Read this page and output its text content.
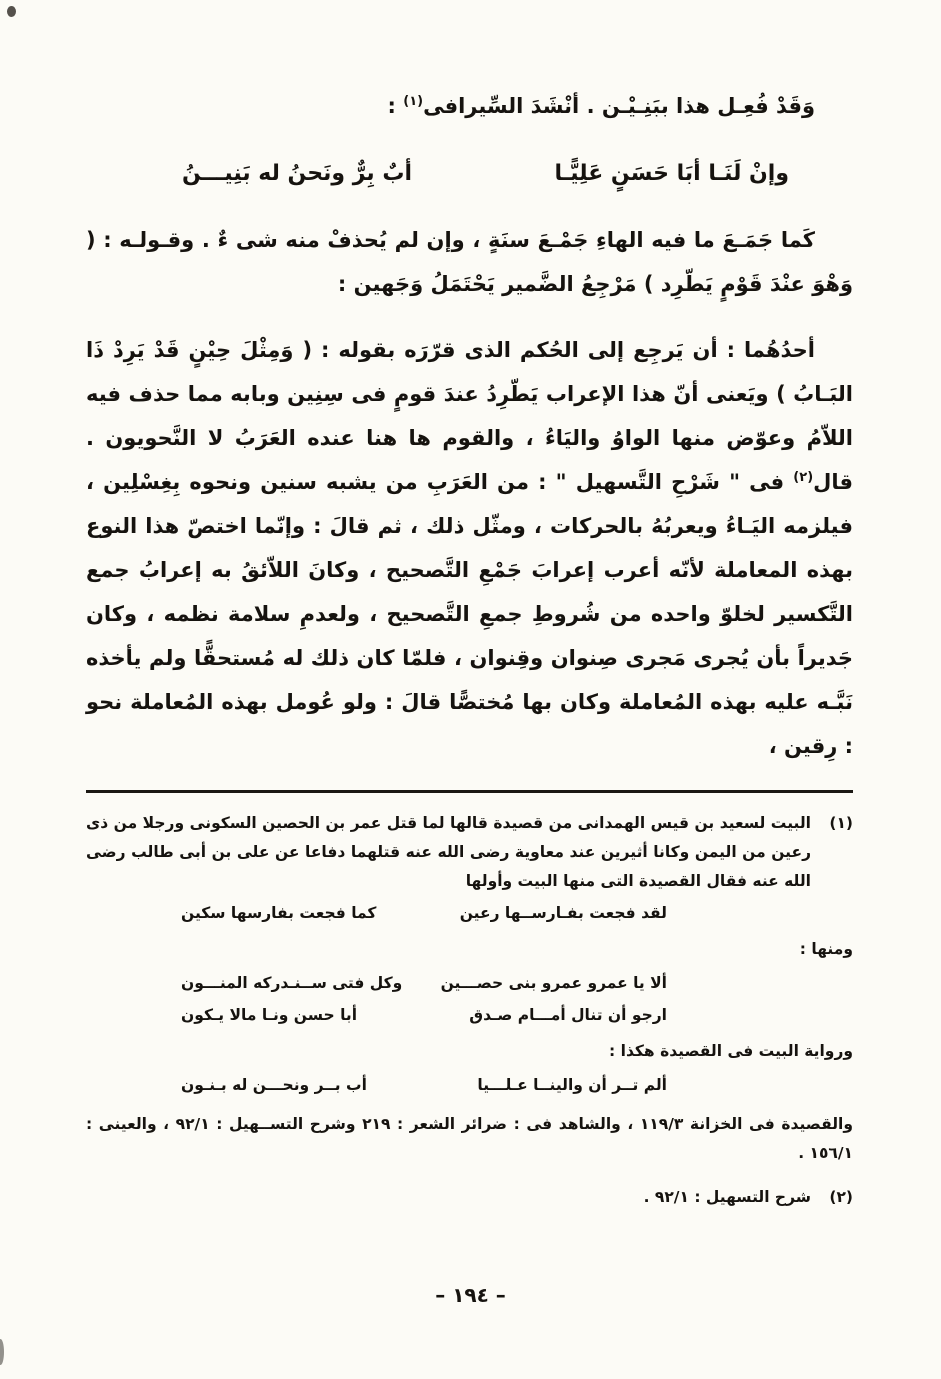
وَقَدْ فُعِـل هذا ببَنِـيْـن . أنْشَدَ السِّيرافى$^{(١)}$ :

وإنْ لَنَـا أبَا حَسَنٍ عَلِيًّـا
أبٌ بِرٌّ ونَحنُ له بَنِيـــنُ

كَما جَمَـعَ ما فيه الهاءِ جَمْـعَ سنَةٍ ، وإن لم يُحذفْ منه شى ءٌ . وقـولـه : ( وَهْوَ عنْدَ قَوْمٍ يَطّرِد ) مَرْجِعُ الضَّمير يَحْتَمَلُ وَجَهين :

أحدُهُما : أن يَرجِع إلى الحُكم الذى قرّرَه بقوله : ( وَمِثْلَ حِيْنٍ قَدْ يَرِدْ ذَا البَـابُ ) ويَعنى أنّ هذا الإعراب يَطّرِدُ عندَ قومٍ فى سِنِين وبابه مما حذف فيه اللاّمُ وعوّض منها الواوُ واليَاءُ ، والقوم ها هنا عنده العَرَبُ لا النَّحويون . قال$^{(٢)}$ فى " شَرْحِ التَّسهيل " : من العَرَبِ من يشبه سنين ونحوه بِغِسْلِين ، فيلزمه اليَـاءُ ويعربُهُ بالحركات ، ومثّل ذلك ، ثم قالَ : وإنّما اختصّ هذا النوع بهذه المعاملة لأنّه أعرب إعرابَ جَمْعِ التَّصحيح ، وكانَ اللاّئقُ به إعرابُ جمع التَّكسير لخلوّ واحده من شُروطِ جمعِ التَّصحيح ، ولعدمِ سلامة نظمه ، وكان جَديراً بأن يُجرى مَجرى صِنوان وقِنوان ، فلمّا كان ذلك له مُستحقًّا ولم يأخذه نَبَّـه عليه بهذه المُعاملة وكان بها مُختصًّا قالَ : ولو عُومل بهذه المُعاملة نحو : رِقين ،

(١)
البيت لسعيد بن قيس الهمدانى من قصيدة قالها لما قتل عمر بن الحصين السكونى ورجلا من ذى رعين من اليمن وكانا أثيرين عند معاوية رضى الله عنه قتلهما دفاعا عن على بن أبى طالب رضى الله عنه فقال القصيدة التى منها البيت وأولها
لقد فجعت بفـارســها رعين
كما فجعت بفارسها سكين
ومنها :
ألا يا عمرو عمرو بنى حصـــين
وكل فتى ســنـدركه المنـــون
ارجو أن تنال أمـــام صـدق
أبا حسن ونـا مالا يـكون
ورواية البيت فى القصيدة هكذا :
ألم تــر أن والينــا عـلـــيا
أب بــر ونحـــن له بـنـون
والقصيدة فى الخزانة ١١٩/٣ ، والشاهد فى : ضرائر الشعر : ٢١٩ وشرح التســهيل : ٩٢/١ ، والعينى : ١٥٦/١ .
(٢)
شرح التسهيل : ٩٢/١ .
– ١٩٤ –
